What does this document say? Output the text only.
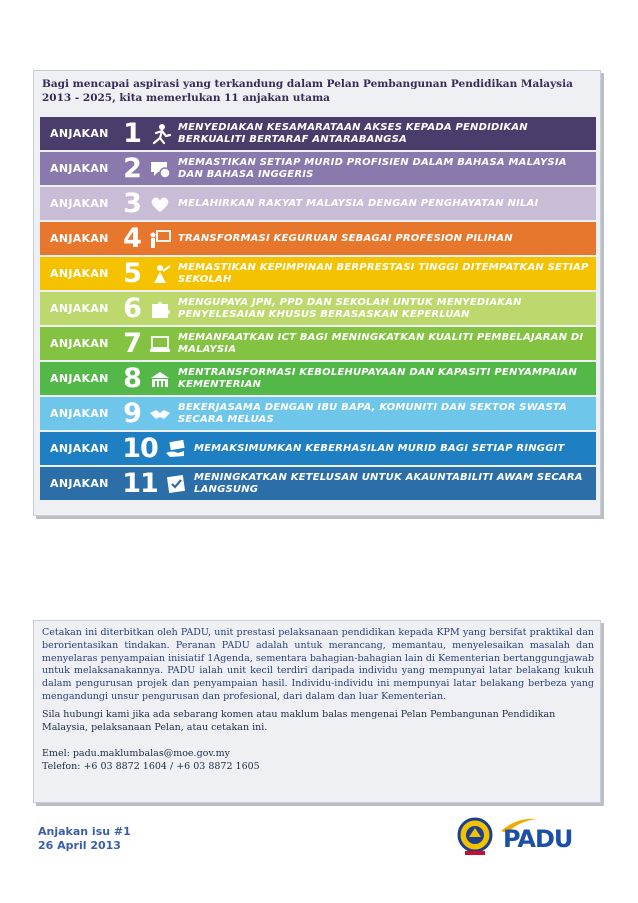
Bagi mencapai aspirasi yang terkandung dalam Pelan Pembangunan Pendidikan Malaysia 2013 - 2025, kita memerlukan 11 anjakan utama
ANJAKAN 1	MENYEDIAKAN KESAMARATAAN AKSES KEPADA PENDIDIKAN BERKUALITI BERTARAF ANTARABANGSA
ANJAKAN 2	MEMASTIKAN SETIAP MURID PROFISIEN DALAM BAHASA MALAYSIA DAN BAHASA INGGERIS
ANJAKAN 3	MELAHIRKAN RAKYAT MALAYSIA DENGAN PENGHAYATAN NILAI
ANJAKAN 4	TRANSFORMASI KEGURUAN SEBAGAI PROFESION PILIHAN
ANJAKAN 5	MEMASTIKAN KEPIMPINAN BERPRESTASI TINGGI DITEMPATKAN SETIAP SEKOLAH
ANJAKAN 6	MENGUPAYA JPN, PPD DAN SEKOLAH UNTUK MENYEDIAKAN PENYELESAIAN KHUSUS BERASASKAN KEPERLUAN
ANJAKAN 7	MEMANFAATKAN ICT BAGI MENINGKATKAN KUALITI PEMBELAJARAN DI MALAYSIA
ANJAKAN 8	MENTRANSFORMASI KEBOLEHUPAYAAN DAN KAPASITI PENYAMPAIAN KEMENTERIAN
ANJAKAN 9	BEKERJASAMA DENGAN IBU BAPA, KOMUNITI DAN SEKTOR SWASTA SECARA MELUAS
ANJAKAN 10	MEMAKSIMUMKAN KEBERHASILAN MURID BAGI SETIAP RINGGIT
ANJAKAN 11	MENINGKATKAN KETELUSAN UNTUK AKAUNTABILITI AWAM SECARA LANGSUNG
Cetakan ini diterbitkan oleh PADU, unit prestasi pelaksanaan pendidikan kepada KPM yang bersifat praktikal dan berorientasikan tindakan. Peranan PADU adalah untuk merancang, memantau, menyelesaikan masalah dan menyelaras penyampaian inisiatif 1Agenda, sementara bahagian-bahagian lain di Kementerian bertanggungjawab untuk melaksanakannya. PADU ialah unit kecil terdiri daripada individu yang mempunyai latar belakang kukuh dalam pengurusan projek dan penyampaian hasil. Individu-individu ini mempunyai latar belakang berbeza yang mengandungi unsur pengurusan dan profesional, dari dalam dan luar Kementerian.
Sila hubungi kami jika ada sebarang komen atau maklum balas mengenai Pelan Pembangunan Pendidikan Malaysia, pelaksanaan Pelan, atau cetakan ini.
Emel: padu.maklumbalas@moe.gov.my
Telefon: +6 03 8872 1604 / +6 03 8872 1605
Anjakan isu #1
26 April 2013	PADU
